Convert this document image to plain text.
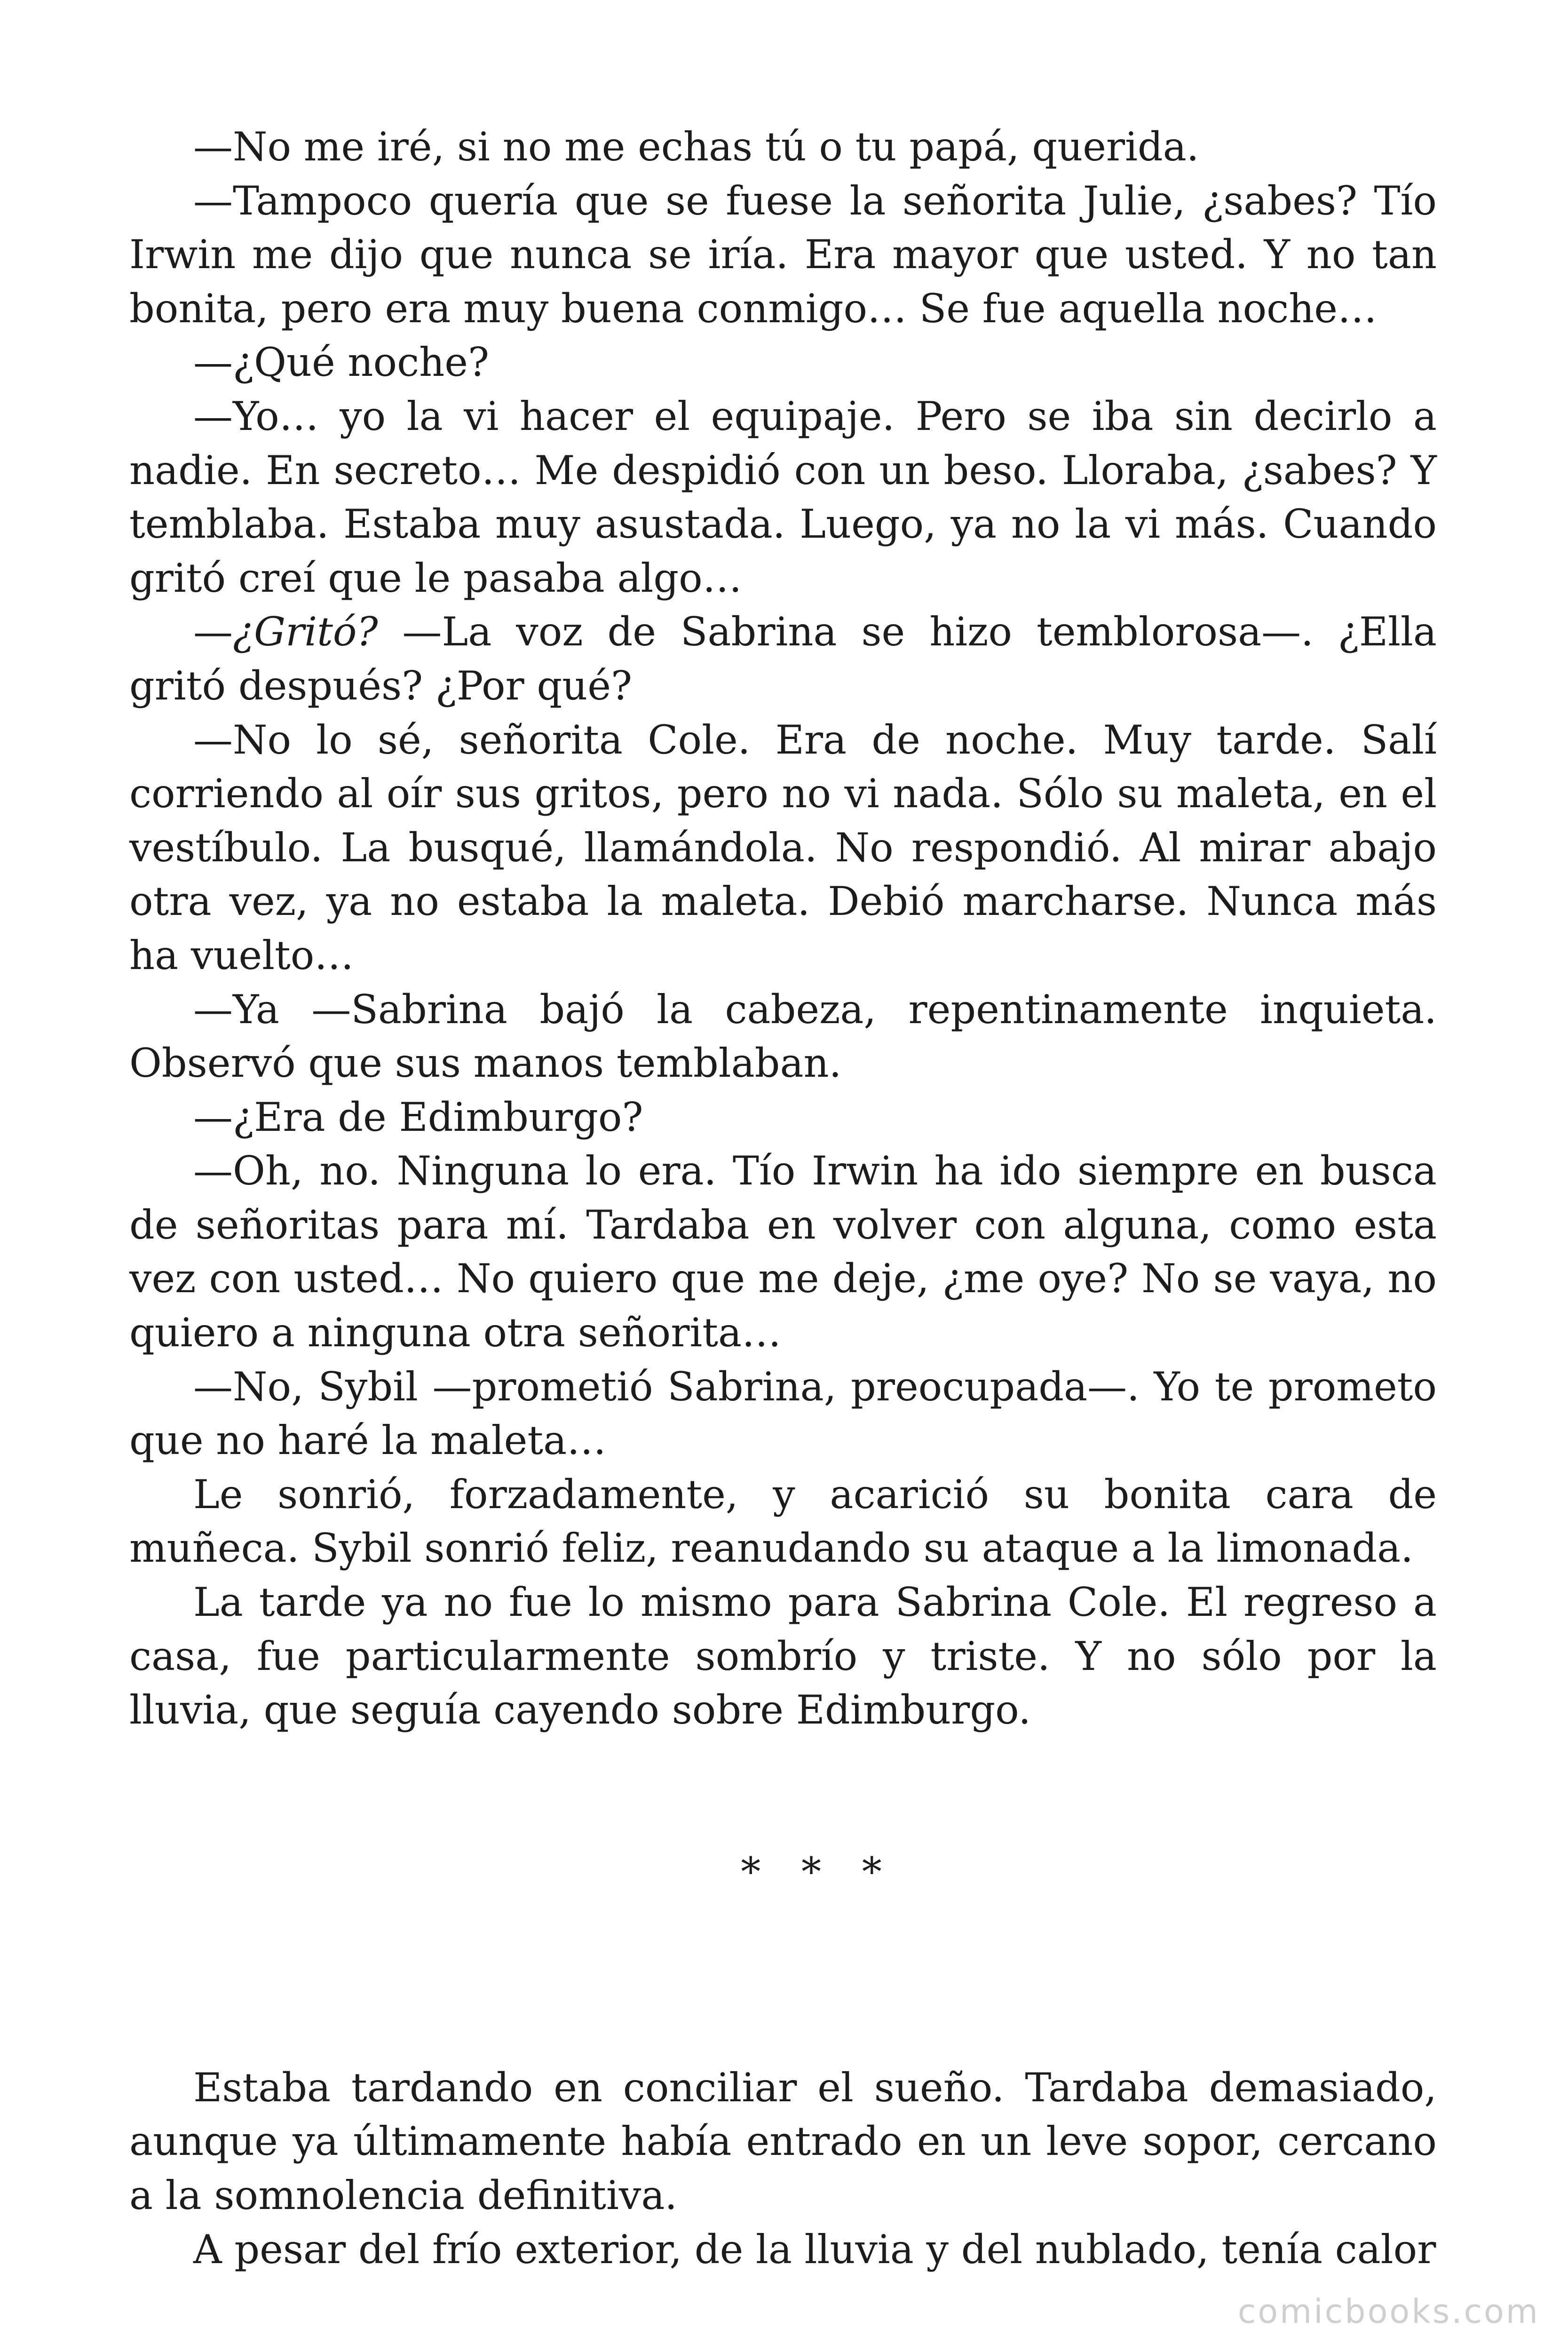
—No me iré, si no me echas tú o tu papá, querida.

—Tampoco quería que se fuese la señorita Julie, ¿sabes? Tío Irwin me dijo que nunca se iría. Era mayor que usted. Y no tan bonita, pero era muy buena conmigo… Se fue aquella noche…

—¿Qué noche?

—Yo… yo la vi hacer el equipaje. Pero se iba sin decirlo a nadie. En secreto… Me despidió con un beso. Lloraba, ¿sabes? Y temblaba. Estaba muy asustada. Luego, ya no la vi más. Cuando gritó creí que le pasaba algo…

—¿Gritó? —La voz de Sabrina se hizo temblorosa—. ¿Ella gritó después? ¿Por qué?

—No lo sé, señorita Cole. Era de noche. Muy tarde. Salí corriendo al oír sus gritos, pero no vi nada. Sólo su maleta, en el vestíbulo. La busqué, llamándola. No respondió. Al mirar abajo otra vez, ya no estaba la maleta. Debió marcharse. Nunca más ha vuelto…

—Ya —Sabrina bajó la cabeza, repentinamente inquieta. Observó que sus manos temblaban.

—¿Era de Edimburgo?

—Oh, no. Ninguna lo era. Tío Irwin ha ido siempre en busca de señoritas para mí. Tardaba en volver con alguna, como esta vez con usted… No quiero que me deje, ¿me oye? No se vaya, no quiero a ninguna otra señorita…

—No, Sybil —prometió Sabrina, preocupada—. Yo te prometo que no haré la maleta…

Le sonrió, forzadamente, y acarició su bonita cara de muñeca. Sybil sonrió feliz, reanudando su ataque a la limonada.

La tarde ya no fue lo mismo para Sabrina Cole. El regreso a casa, fue particularmente sombrío y triste. Y no sólo por la lluvia, que seguía cayendo sobre Edimburgo.

* * *

Estaba tardando en conciliar el sueño. Tardaba demasiado, aunque ya últimamente había entrado en un leve sopor, cercano a la somnolencia definitiva.

A pesar del frío exterior, de la lluvia y del nublado, tenía calor

comicbooks.com
